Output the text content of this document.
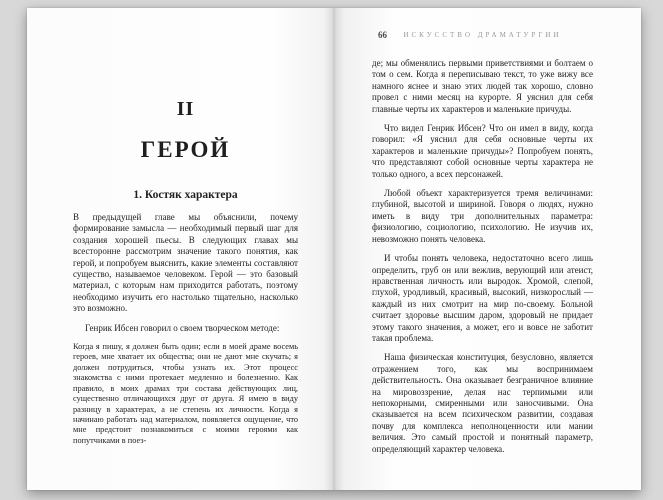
II
ГЕРОЙ
1. Костяк характера

В предыдущей главе мы объяснили, почему формирование замысла — необходимый первый шаг для создания хорошей пьесы. В следующих главах мы всесторонне рассмотрим значение такого понятия, как герой, и попробуем выяснить, какие элементы составляют существо, называемое человеком. Герой — это базовый материал, с которым нам приходится работать, поэтому необходимо изучить его настолько тщательно, насколько это возможно.

Генрик Ибсен говорил о своем творческом методе:

Когда я пишу, я должен быть один; если в моей драме восемь героев, мне хватает их общества; они не дают мне скучать; я должен потрудиться, чтобы узнать их. Этот процесс знакомства с ними протекает медленно и болезненно. Как правило, в моих драмах три состава действующих лиц, существенно отличающихся друг от друга. Я имею в виду разницу в характерах, а не степень их личности. Когда я начинаю работать над материалом, появляется ощущение, что мне предстоит познакомиться с моими героями как попутчиками в поез-

66	ИСКУССТВО ДРАМАТУРГИИ

де; мы обменялись первыми приветствиями и болтаем о том о сем. Когда я переписываю текст, то уже вижу все намного яснее и знаю этих людей так хорошо, словно провел с ними месяц на курорте. Я уяснил для себя главные черты их характеров и маленькие причуды.

Что видел Генрик Ибсен? Что он имел в виду, когда говорил: «Я уяснил для себя основные черты их характеров и маленькие причуды»? Попробуем понять, что представляют собой основные черты характера не только одного, а всех персонажей.

Любой объект характеризуется тремя величинами: глубиной, высотой и шириной. Говоря о людях, нужно иметь в виду три дополнительных параметра: физиологию, социологию, психологию. Не изучив их, невозможно понять человека.

И чтобы понять человека, недостаточно всего лишь определить, груб он или вежлив, верующий или атеист, нравственная личность или выродок. Хромой, слепой, глухой, уродливый, красивый, высокий, низкорослый — каждый из них смотрит на мир по-своему. Больной считает здоровье высшим даром, здоровый не придает этому такого значения, а может, его и вовсе не заботит такая проблема.

Наша физическая конституция, безусловно, является отражением того, как мы воспринимаем действительность. Она оказывает безграничное влияние на мировоззрение, делая нас терпимыми или непокорными, смиренными или заносчивыми. Она сказывается на всем психическом развитии, создавая почву для комплекса неполноценности или мании величия. Это самый простой и понятный параметр, определяющий характер человека.
